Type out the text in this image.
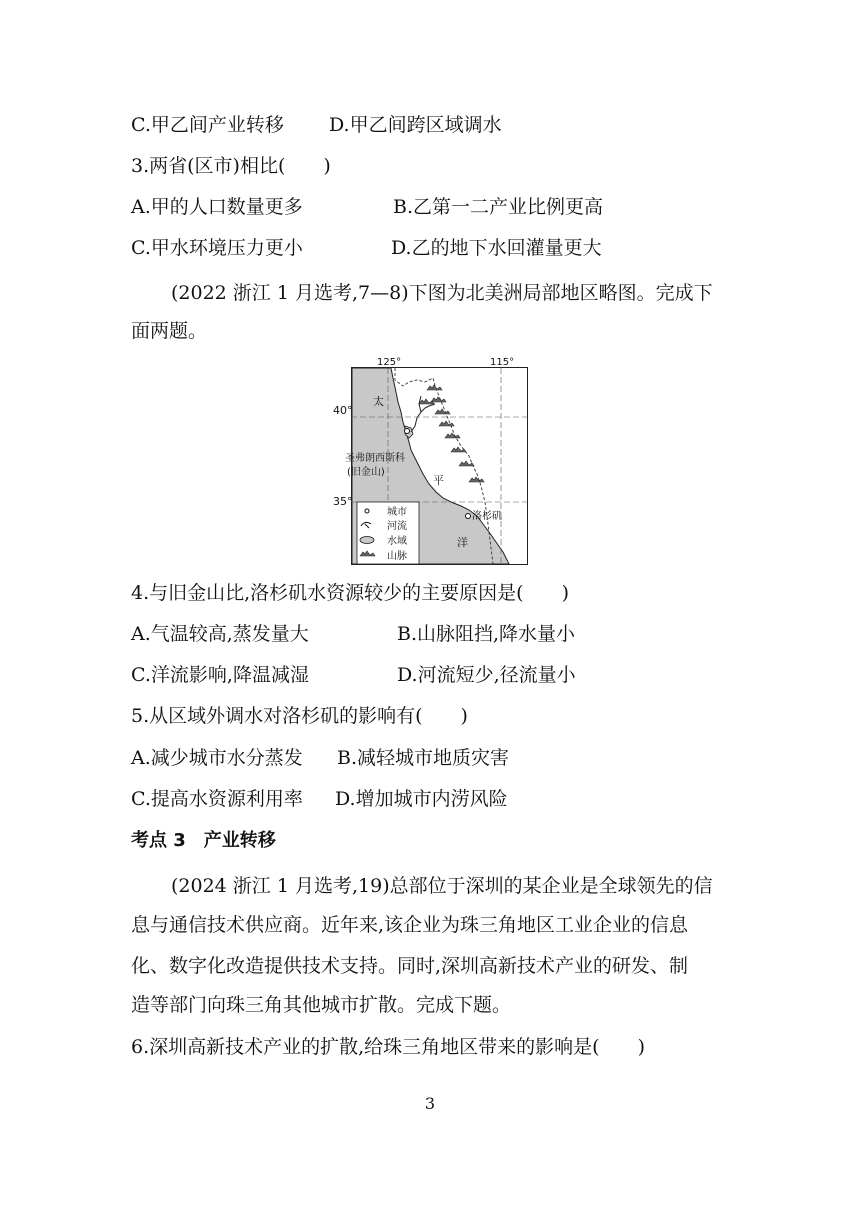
C.甲乙间产业转移 D.甲乙间跨区域调水
3.两省(区市)相比(　　)
A.甲的人口数量更多	B.乙第一二产业比例更高
C.甲水环境压力更小	D.乙的地下水回灌量更大
(2022 浙江 1 月选考,7—8)下图为北美洲局部地区略图。完成下
面两题。
125°	115°
太
平
洋
圣弗朗西斯科
(旧金山)
洛杉矶
城市
河流
水域
山脉
40°
35°
4.与旧金山比,洛杉矶水资源较少的主要原因是(　　)
A.气温较高,蒸发量大	B.山脉阻挡,降水量小
C.洋流影响,降温减湿	D.河流短少,径流量小
5.从区域外调水对洛杉矶的影响有(　　)
A.减少城市水分蒸发 B.减轻城市地质灾害
C.提高水资源利用率 D.增加城市内涝风险
考点 3　产业转移
(2024 浙江 1 月选考,19)总部位于深圳的某企业是全球领先的信
息与通信技术供应商。近年来,该企业为珠三角地区工业企业的信息
化、数字化改造提供技术支持。同时,深圳高新技术产业的研发、制
造等部门向珠三角其他城市扩散。完成下题。
6.深圳高新技术产业的扩散,给珠三角地区带来的影响是(　　)
3
